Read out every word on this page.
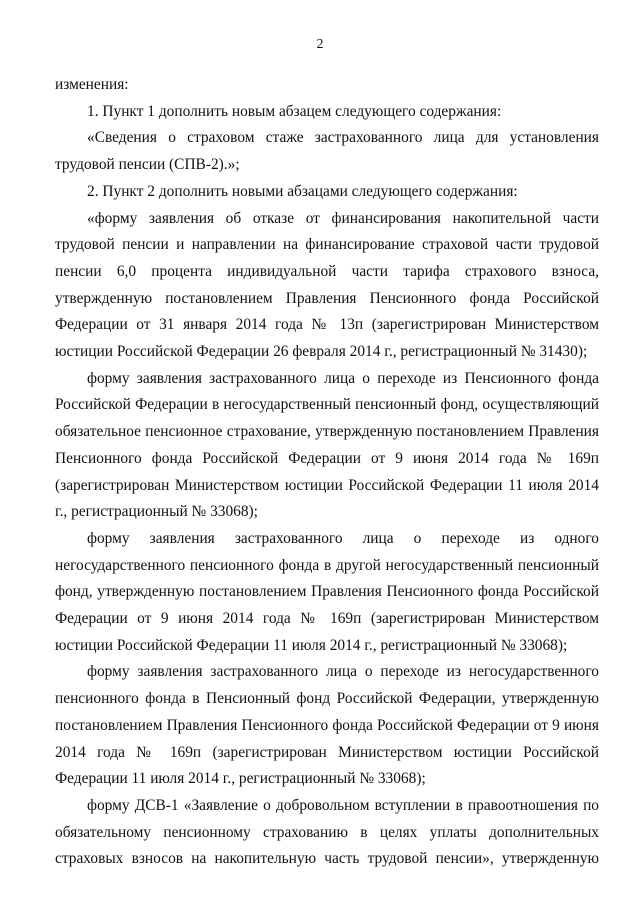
2

изменения:

1. Пункт 1 дополнить новым абзацем следующего содержания:

«Сведения о страховом стаже застрахованного лица для установления трудовой пенсии (СПВ-2).»;

2. Пункт 2 дополнить новыми абзацами следующего содержания:

«форму заявления об отказе от финансирования накопительной части трудовой пенсии и направлении на финансирование страховой части трудовой пенсии 6,0 процента индивидуальной части тарифа страхового взноса, утвержденную постановлением Правления Пенсионного фонда Российской Федерации от 31 января 2014 года № 13п (зарегистрирован Министерством юстиции Российской Федерации 26 февраля 2014 г., регистрационный № 31430);

форму заявления застрахованного лица о переходе из Пенсионного фонда Российской Федерации в негосударственный пенсионный фонд, осуществляющий обязательное пенсионное страхование, утвержденную постановлением Правления Пенсионного фонда Российской Федерации от 9 июня 2014 года № 169п (зарегистрирован Министерством юстиции Российской Федерации 11 июля 2014 г., регистрационный № 33068);

форму заявления застрахованного лица о переходе из одного негосударственного пенсионного фонда в другой негосударственный пенсионный фонд, утвержденную постановлением Правления Пенсионного фонда Российской Федерации от 9 июня 2014 года № 169п (зарегистрирован Министерством юстиции Российской Федерации 11 июля 2014 г., регистрационный № 33068);

форму заявления застрахованного лица о переходе из негосударственного пенсионного фонда в Пенсионный фонд Российской Федерации, утвержденную постановлением Правления Пенсионного фонда Российской Федерации от 9 июня 2014 года № 169п (зарегистрирован Министерством юстиции Российской Федерации 11 июля 2014 г., регистрационный № 33068);

форму ДСВ-1 «Заявление о добровольном вступлении в правоотношения по обязательному пенсионному страхованию в целях уплаты дополнительных страховых взносов на накопительную часть трудовой пенсии», утвержденную
